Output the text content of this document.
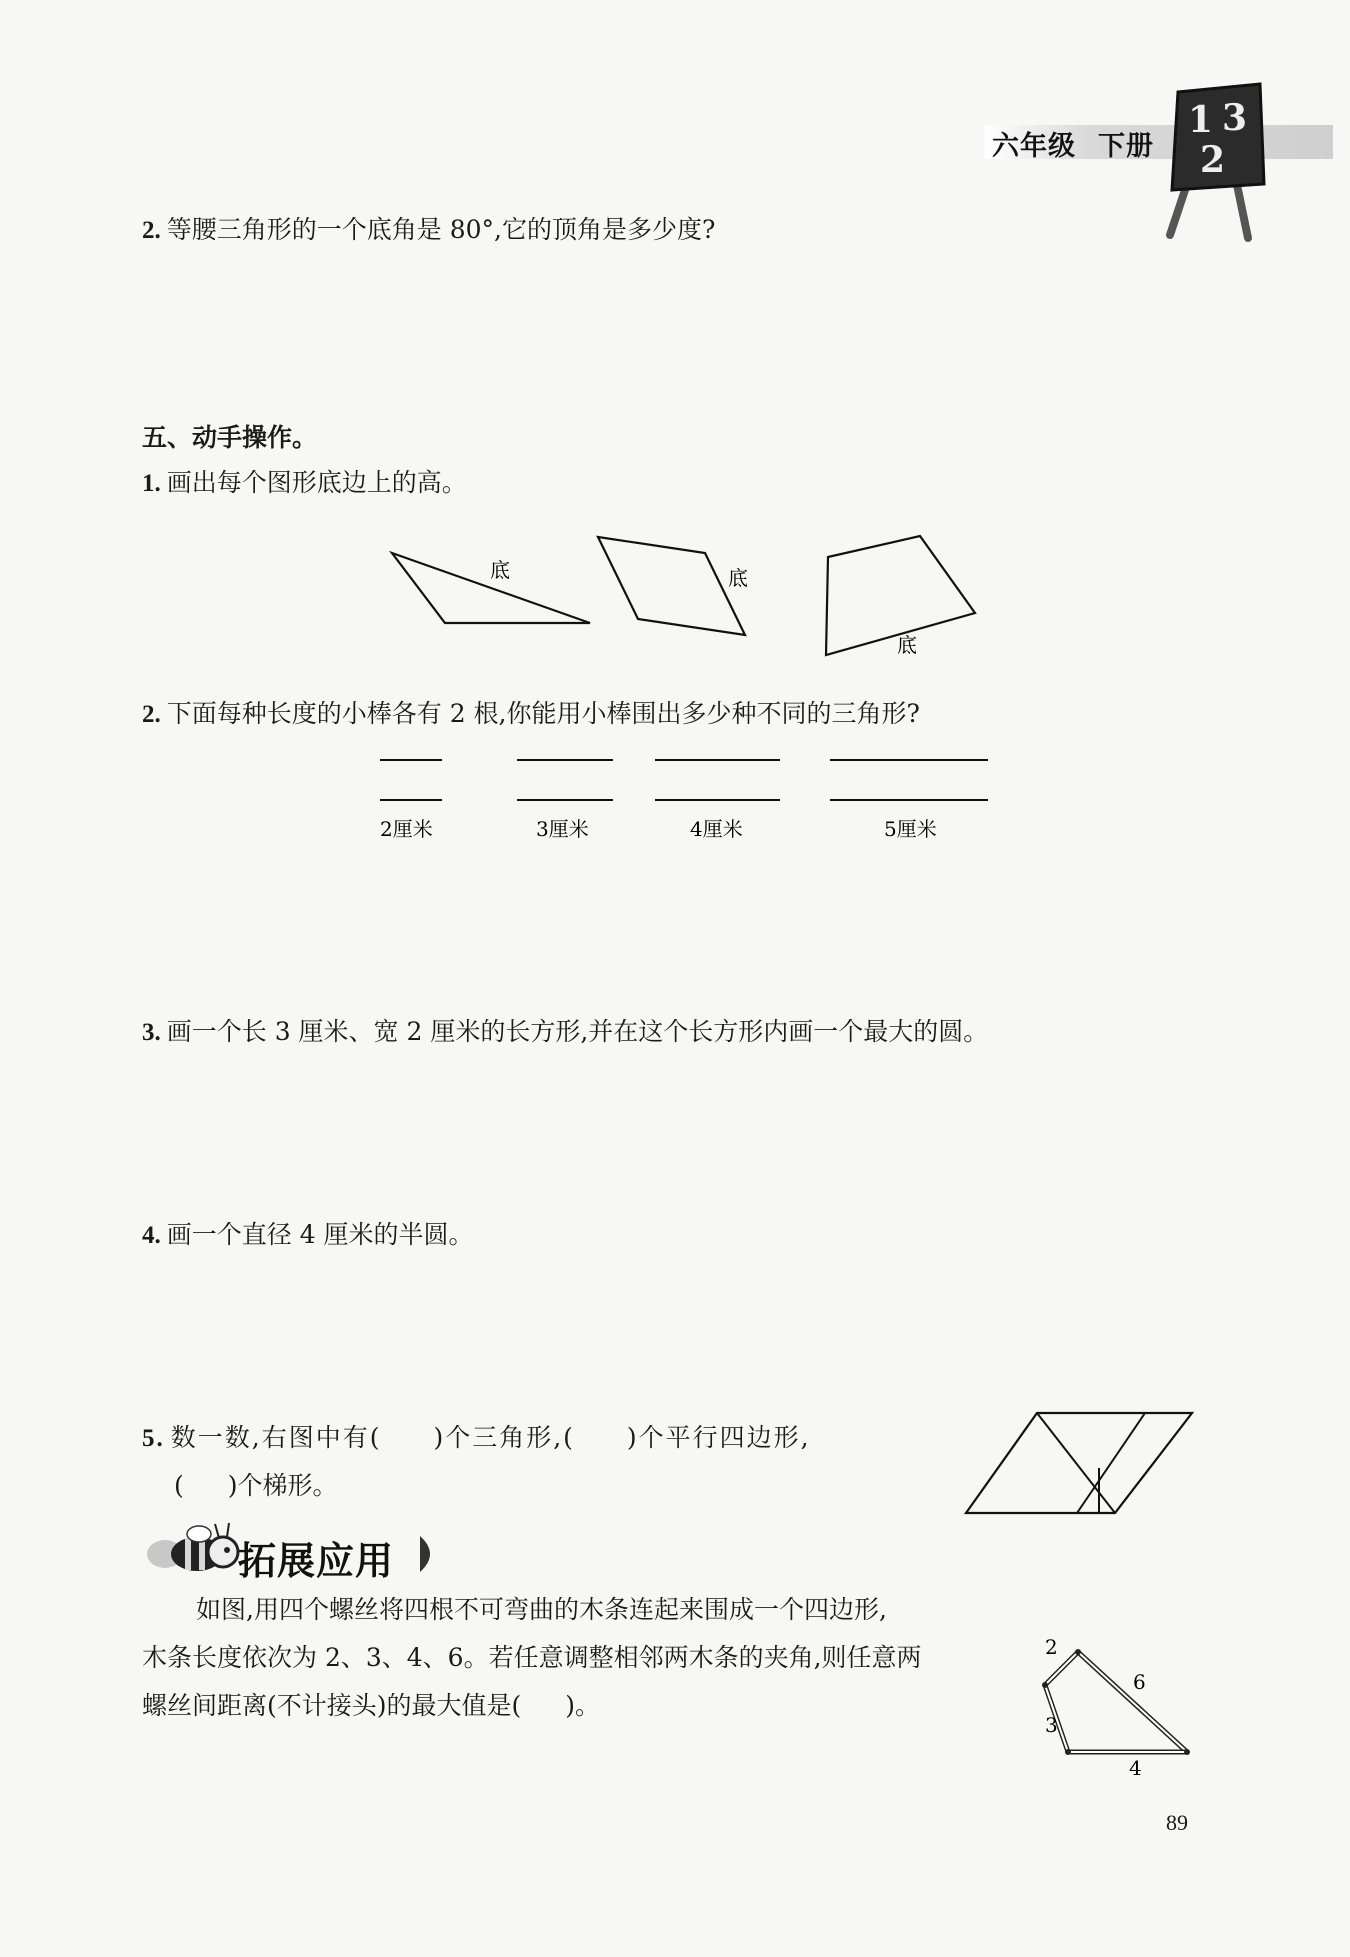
六年级 下册
1 3
2
2. 等腰三角形的一个底角是 80°,它的顶角是多少度?
五、动手操作。
1. 画出每个图形底边上的高。
底	底
底
2. 下面每种长度的小棒各有 2 根,你能用小棒围出多少种不同的三角形?
2厘米	3厘米	4厘米	5厘米
3. 画一个长 3 厘米、宽 2 厘米的长方形,并在这个长方形内画一个最大的圆。
4. 画一个直径 4 厘米的半圆。
5. 数一数,右图中有( )个三角形,( )个平行四边形,
( )个梯形。
拓展应用
如图,用四个螺丝将四根不可弯曲的木条连起来围成一个四边形,
木条长度依次为 2、3、4、6。若任意调整相邻两木条的夹角,则任意两
螺丝间距离(不计接头)的最大值是( )。
2
6
3
4
89
